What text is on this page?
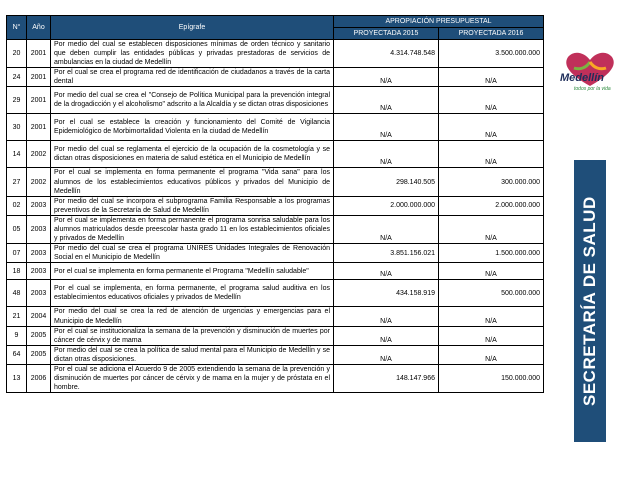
N°	Año	Epígrafe	APROPIACIÓN PRESUPUESTAL	
			PROYECTADA 2015	PROYECTADA 2016
20	2001	Por medio del cual se establecen disposiciones mínimas de orden técnico y sanitario que deben cumplir las entidades públicas y privadas prestadoras de servicios de ambulancias en la ciudad de Medellín	4.314.748.548	3.500.000.000
24	2001	Por el cual se crea el programa red de identificación de ciudadanos a través de la carta dental	N/A	N/A
29	2001	Por medio del cual se crea el "Consejo de Política Municipal para la prevención integral de la drogadicción y el alcoholismo" adscrito a la Alcaldía y se dictan otras disposiciones	N/A	N/A
30	2001	Por el cual se establece la creación y funcionamiento del Comité de Vigilancia Epidemiológico de Morbimortalidad Violenta en la ciudad de Medellín	N/A	N/A
14	2002	Por medio del cual se reglamenta el ejercicio de la ocupación de la cosmetología y se dictan otras disposiciones en materia de salud estética en el Municipio de Medellín	N/A	N/A
27	2002	Por el cual se implementa en forma permanente el programa "Vida sana" para los alumnos de los establecimientos educativos públicos y privados del Municipio de Medellín	298.140.505	300.000.000
02	2003	Por medio del cual se incorpora el subprograma Familia Responsable a los programas preventivos de la Secretaría de Salud de Medellín	2.000.000.000	2.000.000.000
05	2003	Por el cual se implementa en forma permanente el programa sonrisa saludable para los alumnos matriculados desde preescolar hasta grado 11 en los establecimientos oficiales y privados de Medellín	N/A	N/A
07	2003	Por medio del cual se crea el programa UNIRES Unidades Integrales de Renovación Social en el Municipio de Medellín	3.851.156.021	1.500.000.000
18	2003	Por el cual se implementa en forma permanente el Programa "Medellín saludable"	N/A	N/A
48	2003	Por el cual se implementa, en forma permanente, el programa salud auditiva en los establecimientos educativos oficiales y privados de Medellín	434.158.919	500.000.000
21	2004	Por medio del cual se crea la red de atención de urgencias y emergencias para el Municipio de Medellín	N/A	N/A
9	2005	Por el cual se institucionaliza la semana de la prevención y disminución de muertes por cáncer de cérvix y de mama	N/A	N/A
64	2005	Por medio del cual se crea la política de salud mental para el Municipio de Medellín y se dictan otras disposiciones.	N/A	N/A
13	2006	Por el cual se adiciona el Acuerdo 9 de 2005 extendiendo la semana de la prevención y disminución de muertes por cáncer de cérvix y de mama en la mujer y de próstata en el hombre.	148.147.966	150.000.000
Medellín
todos por la vida
SECRETARÍA DE SALUD
